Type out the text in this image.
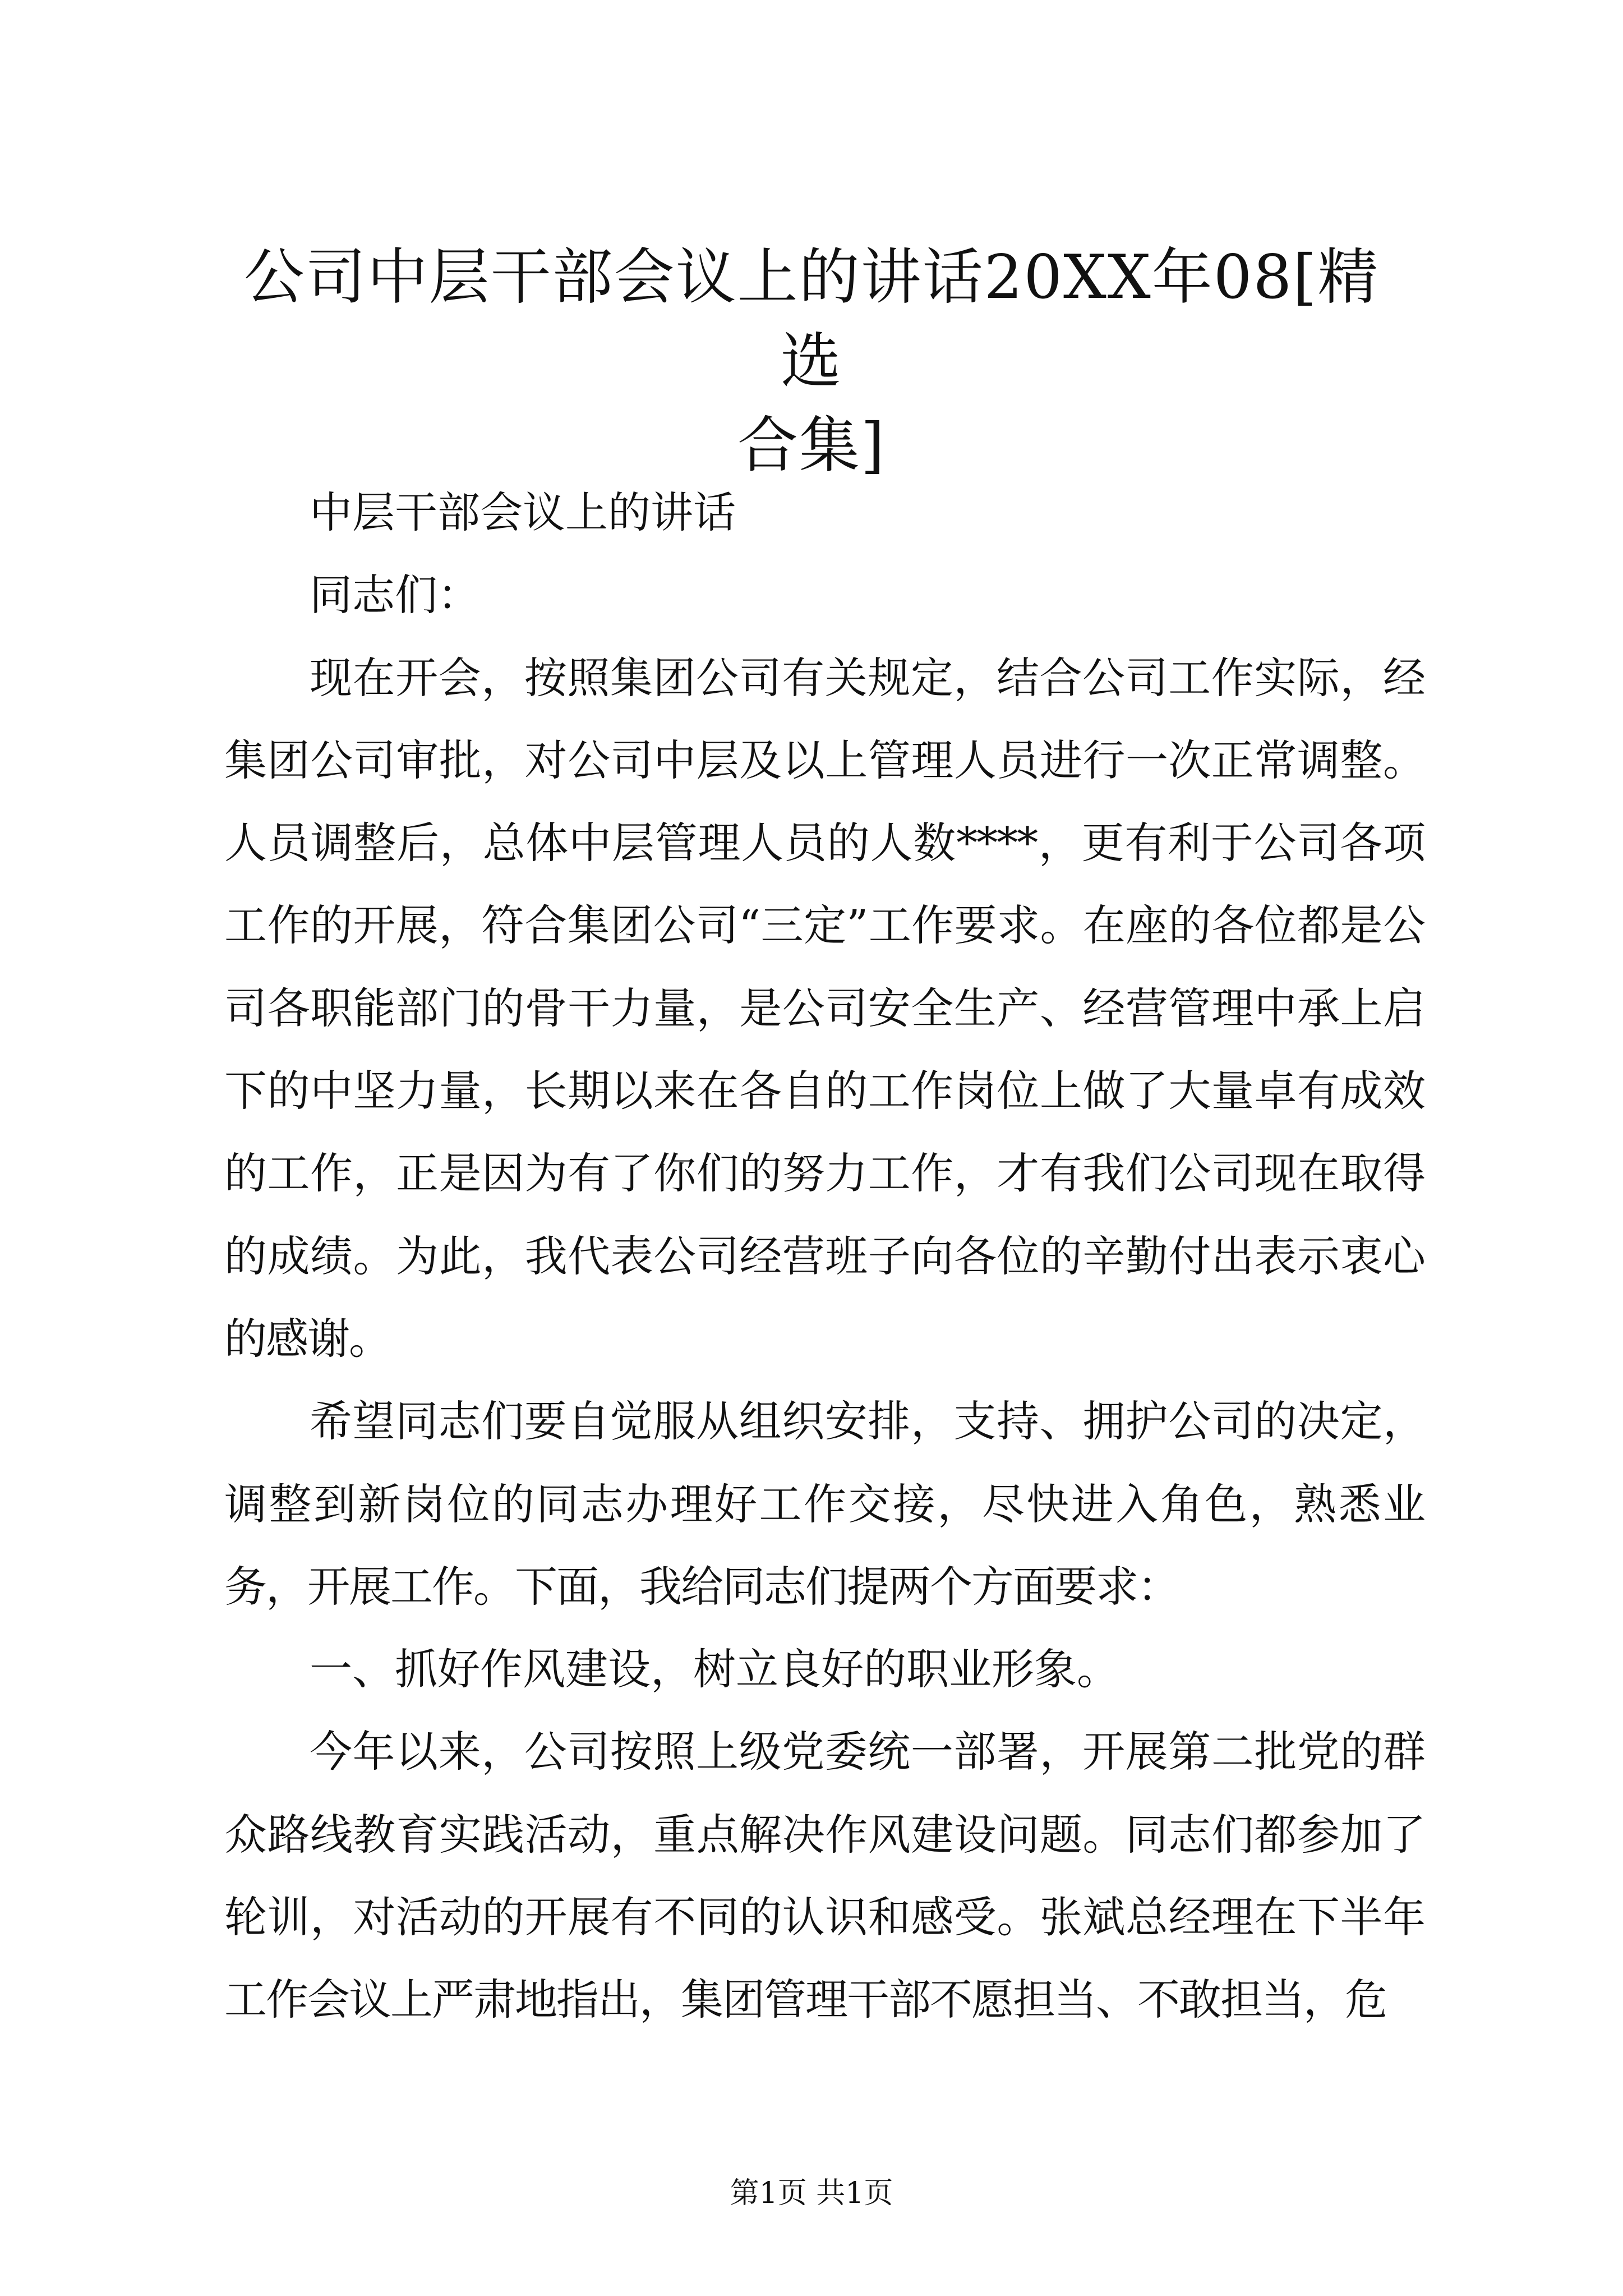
公司中层干部会议上的讲话20XX年08[精选
合集]

中层干部会议上的讲话

同志们：

现在开会，按照集团公司有关规定，结合公司工作实际，经集团公司审批，对公司中层及以上管理人员进行一次正常调整。人员调整后，总体中层管理人员的人数****，更有利于公司各项工作的开展，符合集团公司“三定”工作要求。在座的各位都是公司各职能部门的骨干力量，是公司安全生产、经营管理中承上启下的中坚力量，长期以来在各自的工作岗位上做了大量卓有成效的工作，正是因为有了你们的努力工作，才有我们公司现在取得的成绩。为此，我代表公司经营班子向各位的辛勤付出表示衷心的感谢。

希望同志们要自觉服从组织安排，支持、拥护公司的决定，调整到新岗位的同志办理好工作交接，尽快进入角色，熟悉业务，开展工作。下面，我给同志们提两个方面要求：

一、抓好作风建设，树立良好的职业形象。

今年以来，公司按照上级党委统一部署，开展第二批党的群众路线教育实践活动，重点解决作风建设问题。同志们都参加了轮训，对活动的开展有不同的认识和感受。张斌总经理在下半年工作会议上严肃地指出，集团管理干部不愿担当、不敢担当，危

第1页 共1页
